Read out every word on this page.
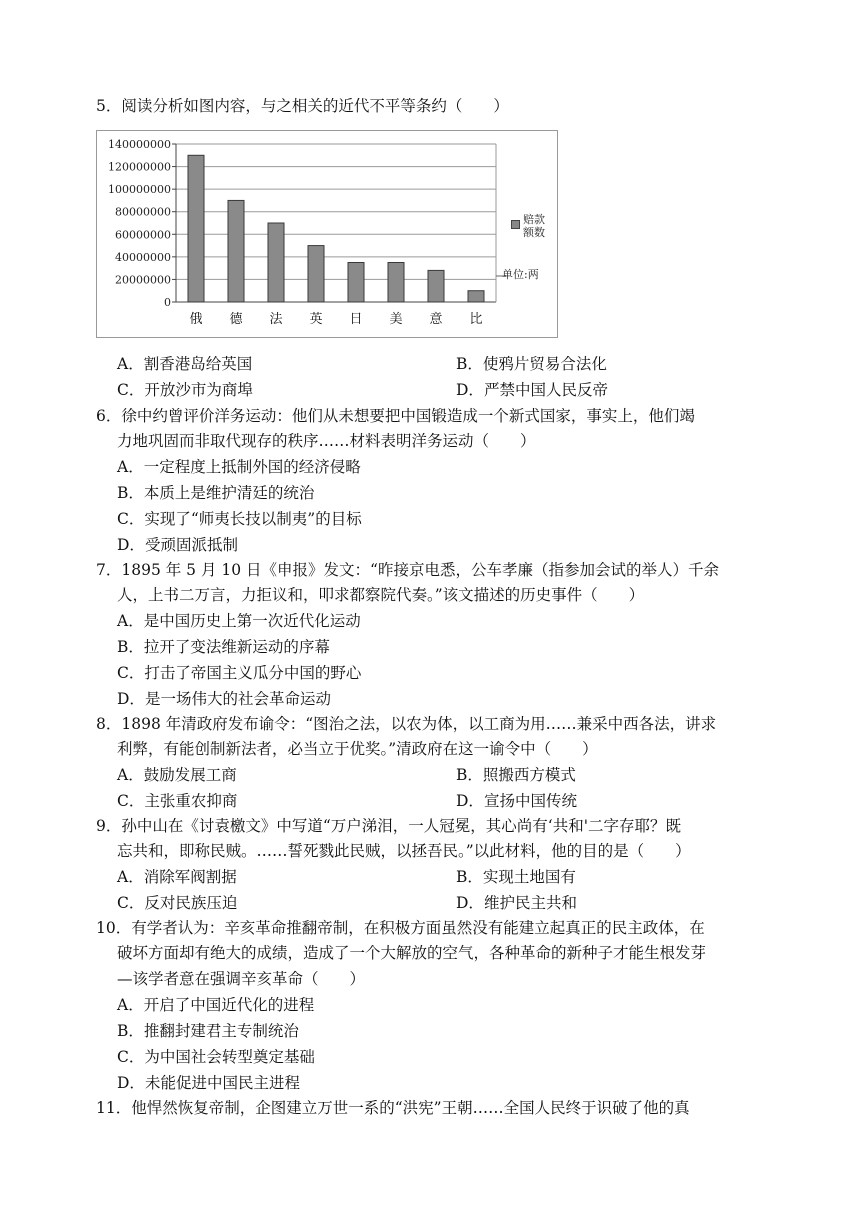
5．阅读分析如图内容，与之相关的近代不平等条约（　　）
140000000
120000000
100000000
80000000
60000000
40000000
20000000
0
俄 德 法 英 日 美 意 比
赔款
额数
单位:两
A．割香港岛给英国	B．使鸦片贸易合法化
C．开放沙市为商埠	D．严禁中国人民反帝
6．徐中约曾评价洋务运动：他们从未想要把中国锻造成一个新式国家，事实上，他们竭
力地巩固而非取代现存的秩序……材料表明洋务运动（　　）
A．一定程度上抵制外国的经济侵略
B．本质上是维护清廷的统治
C．实现了“师夷长技以制夷”的目标
D．受顽固派抵制
7．1895 年 5 月 10 日《申报》发文：“昨接京电悉，公车孝廉（指参加会试的举人）千余
人，上书二万言，力拒议和，叩求都察院代奏。”该文描述的历史事件（　　）
A．是中国历史上第一次近代化运动
B．拉开了变法维新运动的序幕
C．打击了帝国主义瓜分中国的野心
D．是一场伟大的社会革命运动
8．1898 年清政府发布谕令：“图治之法，以农为体，以工商为用……兼采中西各法，讲求
利弊，有能创制新法者，必当立于优奖。”清政府在这一谕令中（　　）
A．鼓励发展工商	B．照搬西方模式
C．主张重农抑商	D．宣扬中国传统
9．孙中山在《讨袁檄文》中写道“万户涕泪，一人冠冕，其心尚有‘共和'二字存耶？既
忘共和，即称民贼。……誓死戮此民贼，以拯吾民。”以此材料，他的目的是（　　）
A．消除军阀割据	B．实现土地国有
C．反对民族压迫	D．维护民主共和
10．有学者认为：辛亥革命推翻帝制，在积极方面虽然没有能建立起真正的民主政体，在
破坏方面却有绝大的成绩，造成了一个大解放的空气，各种革命的新种子才能生根发芽
—该学者意在强调辛亥革命（　　）
A．开启了中国近代化的进程
B．推翻封建君主专制统治
C．为中国社会转型奠定基础
D．未能促进中国民主进程
11．他悍然恢复帝制，企图建立万世一系的“洪宪”王朝……全国人民终于识破了他的真
